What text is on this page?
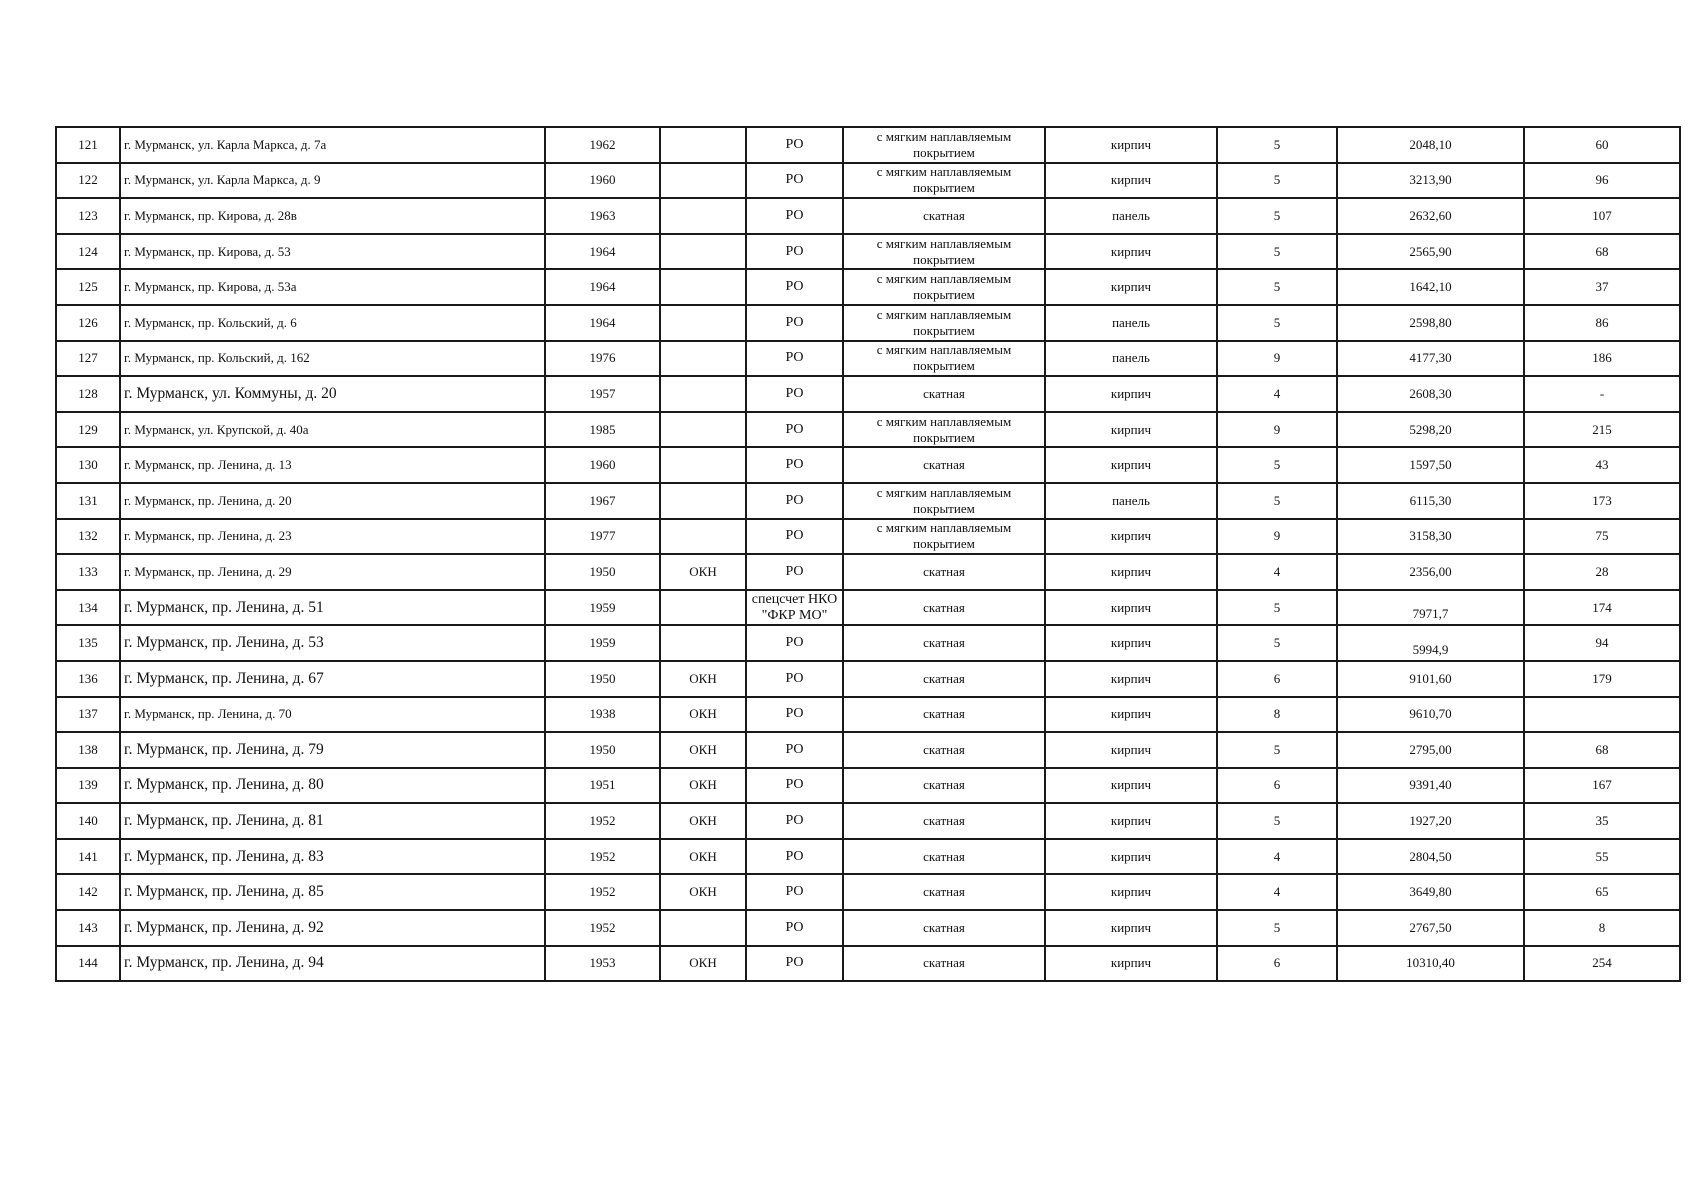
121	г. Мурманск, ул. Карла Маркса, д. 7а	1962		РО	с мягким наплавляемым покрытием	кирпич	5	2048,10	60
122	г. Мурманск, ул. Карла Маркса, д. 9	1960		РО	с мягким наплавляемым покрытием	кирпич	5	3213,90	96
123	г. Мурманск, пр. Кирова, д. 28в	1963		РО	скатная	панель	5	2632,60	107
124	г. Мурманск, пр. Кирова, д. 53	1964		РО	с мягким наплавляемым покрытием	кирпич	5	2565,90	68
125	г. Мурманск, пр. Кирова, д. 53а	1964		РО	с мягким наплавляемым покрытием	кирпич	5	1642,10	37
126	г. Мурманск, пр. Кольский, д. 6	1964		РО	с мягким наплавляемым покрытием	панель	5	2598,80	86
127	г. Мурманск, пр. Кольский, д. 162	1976		РО	с мягким наплавляемым покрытием	панель	9	4177,30	186
128	г. Мурманск, ул. Коммуны, д. 20	1957		РО	скатная	кирпич	4	2608,30	-
129	г. Мурманск, ул. Крупской, д. 40а	1985		РО	с мягким наплавляемым покрытием	кирпич	9	5298,20	215
130	г. Мурманск, пр. Ленина, д. 13	1960		РО	скатная	кирпич	5	1597,50	43
131	г. Мурманск, пр. Ленина, д. 20	1967		РО	с мягким наплавляемым покрытием	панель	5	6115,30	173
132	г. Мурманск, пр. Ленина, д. 23	1977		РО	с мягким наплавляемым покрытием	кирпич	9	3158,30	75
133	г. Мурманск, пр. Ленина, д. 29	1950	ОКН	РО	скатная	кирпич	4	2356,00	28
134	г. Мурманск, пр. Ленина, д. 51	1959		спецсчет НКО "ФКР МО"	скатная	кирпич	5	7971,7	174
135	г. Мурманск, пр. Ленина, д. 53	1959		РО	скатная	кирпич	5	5994,9	94
136	г. Мурманск, пр. Ленина, д. 67	1950	ОКН	РО	скатная	кирпич	6	9101,60	179
137	г. Мурманск, пр. Ленина, д. 70	1938	ОКН	РО	скатная	кирпич	8	9610,70	
138	г. Мурманск, пр. Ленина, д. 79	1950	ОКН	РО	скатная	кирпич	5	2795,00	68
139	г. Мурманск, пр. Ленина, д. 80	1951	ОКН	РО	скатная	кирпич	6	9391,40	167
140	г. Мурманск, пр. Ленина, д. 81	1952	ОКН	РО	скатная	кирпич	5	1927,20	35
141	г. Мурманск, пр. Ленина, д. 83	1952	ОКН	РО	скатная	кирпич	4	2804,50	55
142	г. Мурманск, пр. Ленина, д. 85	1952	ОКН	РО	скатная	кирпич	4	3649,80	65
143	г. Мурманск, пр. Ленина, д. 92	1952		РО	скатная	кирпич	5	2767,50	8
144	г. Мурманск, пр. Ленина, д. 94	1953	ОКН	РО	скатная	кирпич	6	10310,40	254
